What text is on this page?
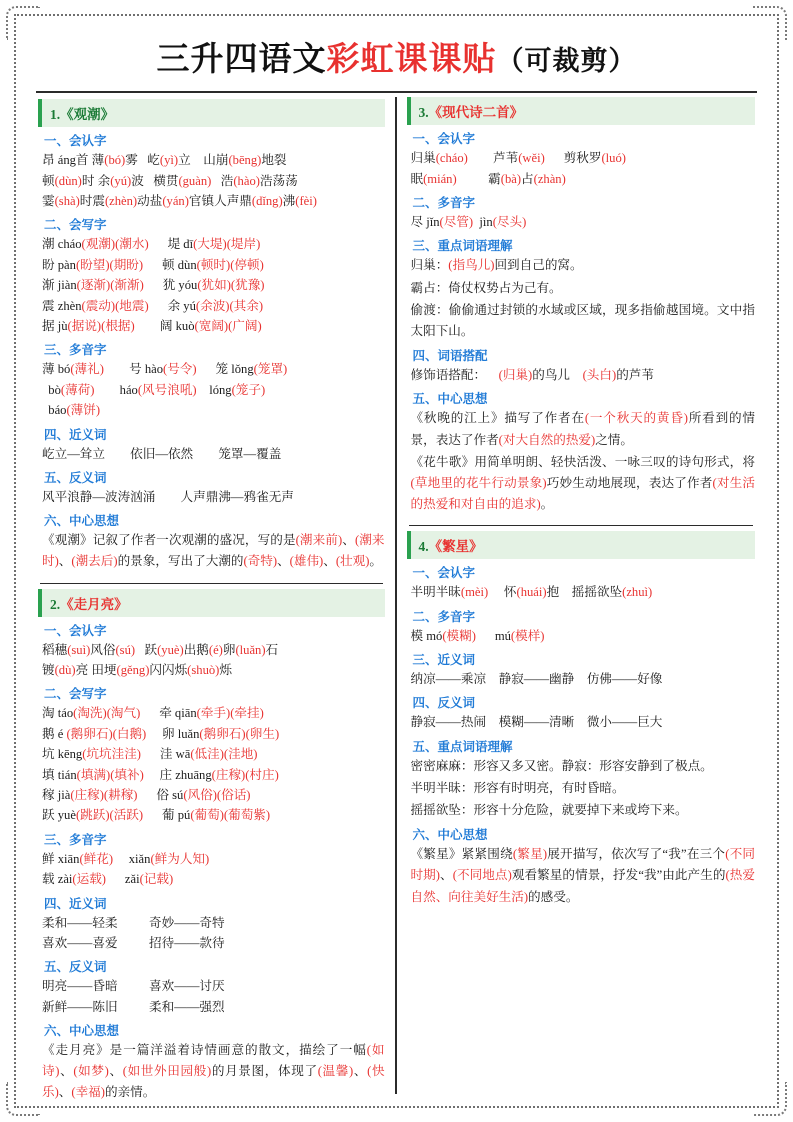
三升四语文彩虹课课贴（可裁剪）
1.《观潮》
一、会认字
昂 áng首 薄(bó)雾   屹(yì)立    山崩(bēng)地裂
顿(dùn)时 余(yú)波   横贯(guàn)   浩(hào)浩荡荡
霎(shà)时震(zhèn)动盐(yán)官镇人声鼎(dǐng)沸(fèi)
二、会写字
潮 cháo(观潮)(潮水)      堤 dī(大堤)(堤岸)
盼 pàn(盼望)(期盼)      顿 dùn(顿时)(停顿)
渐 jiàn(逐渐)(渐渐)      犹 yóu(犹如)(犹豫)
震 zhèn(震动)(地震)      余 yú(余波)(其余)
据 jù(据说)(根据)        阔 kuò(宽阔)(广阔)
三、多音字
薄 bó(薄礼)        号 hào(号令)      笼 lǒng(笼罩)
bò(薄荷)        háo(风号浪吼)    lóng(笼子)
báo(薄饼)
四、近义词
屹立—耸立        依旧—依然        笼罩—覆盖
五、反义词
风平浪静—波涛汹涌        人声鼎沸—鸦雀无声
六、中心思想
《观潮》记叙了作者一次观潮的盛况，写的是(潮来前)、(潮来时)、(潮去后)的景象，写出了大潮的(奇特)、(雄伟)、(壮观)。
2.《走月亮》
一、会认字
稻穗(suì)风俗(sú)   跃(yuè)出鹅(é)卵(luǎn)石
镀(dù)亮 田埂(gěng)闪闪烁(shuò)烁
二、会写字
淘 táo(淘洗)(淘气)      牵 qiān(牵手)(牵挂)
鹅 é (鹅卵石)(白鹅)     卵 luǎn(鹅卵石)(卵生)
坑 kēng(坑坑洼洼)      洼 wā(低洼)(洼地)
填 tián(填满)(填补)     庄 zhuāng(庄稼)(村庄)
稼 jià(庄稼)(耕稼)      俗 sú(风俗)(俗话)
跃 yuè(跳跃)(活跃)      葡 pú(葡萄)(葡萄紫)
三、多音字
鲜 xiān(鲜花)     xiǎn(鲜为人知)
载 zài(运载)      zǎi(记载)
四、近义词
柔和——轻柔          奇妙——奇特
喜欢——喜爱          招待——款待
五、反义词
明亮——昏暗          喜欢——讨厌
新鲜——陈旧          柔和——强烈
六、中心思想
《走月亮》是一篇洋溢着诗情画意的散文，描绘了一幅(如诗)、(如梦)、(如世外田园般)的月景图，体现了(温馨)、(快乐)、(幸福)的亲情。
3.《现代诗二首》
一、会认字
归巢(cháo)        芦苇(wěi)      剪秋罗(luó)
眠(mián)          霸(bà)占(zhàn)
二、多音字
尽 jǐn(尽管)  jìn(尽头)
三、重点词语理解
归巢：(指鸟儿)回到自己的窝。
霸占：倚仗权势占为己有。
偷渡：偷偷通过封锁的水域或区域，现多指偷越国境。文中指太阳下山。
四、词语搭配
修饰语搭配：    (归巢)的鸟儿    (头白)的芦苇
五、中心思想
《秋晚的江上》描写了作者在(一个秋天的黄昏)所看到的情景，表达了作者(对大自然的热爱)之情。
《花牛歌》用简单明朗、轻快活泼、一咏三叹的诗句形式，将(草地里的花牛行动景象)巧妙生动地展现，表达了作者(对生活的热爱和对自由的追求)。
4.《繁星》
一、会认字
半明半昧(mèi)     怀(huái)抱    摇摇欲坠(zhuì)
二、多音字
模 mó(模糊)      mú(模样)
三、近义词
纳凉——乘凉    静寂——幽静    仿佛——好像
四、反义词
静寂——热闹    模糊——清晰    微小——巨大
五、重点词语理解
密密麻麻：形容又多又密。静寂：形容安静到了极点。
半明半昧：形容有时明亮，有时昏暗。
摇摇欲坠：形容十分危险，就要掉下来或垮下来。
六、中心思想
《繁星》紧紧围绕(繁星)展开描写，依次写了“我”在三个(不同时期)、(不同地点)观看繁星的情景，抒发“我”由此产生的(热爱自然、向往美好生活)的感受。
